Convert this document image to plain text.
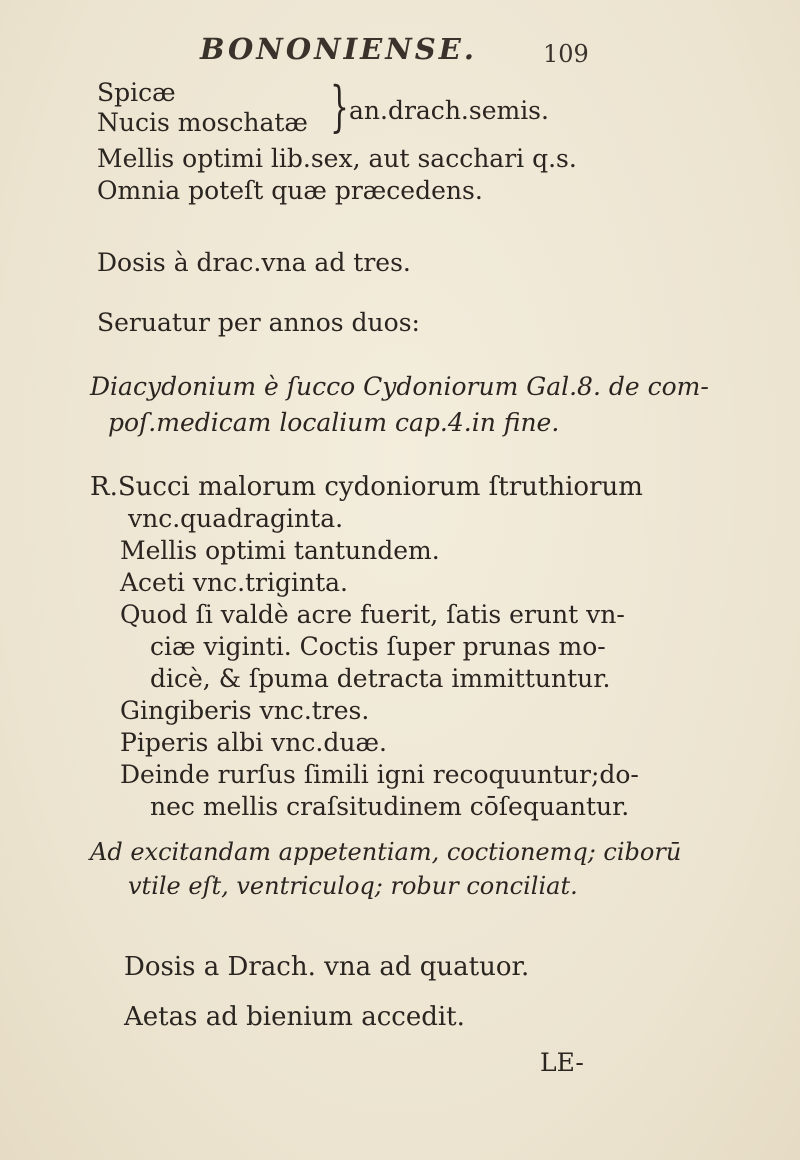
BONONIENSE.	109
Spicæ
Nucis moschatæ } an.drach.semis.
Mellis optimi lib.sex, aut sacchari q.s.
Omnia poteſt quæ præcedens.
Dosis à drac.vna ad tres.
Seruatur per annos duos:
Diacydonium è ſucco Cydoniorum Gal.8. de com-
poſ.medicam localium cap.4.in fine.
R.Succi malorum cydoniorum ſtruthiorum
vnc.quadraginta.
Mellis optimi tantundem.
Aceti vnc.triginta.
Quod ſi valdè acre fuerit, ſatis erunt vn-
ciæ viginti. Coctis ſuper prunas mo-
dicè, & ſpuma detracta immittuntur.
Gingiberis vnc.tres.
Piperis albi vnc.duæ.
Deinde rurſus ſimili igni recoquuntur;do-
nec mellis craſsitudinem cōſequantur.
Ad excitandam appetentiam, coctionemq; ciborū
vtile eſt, ventriculoq; robur conciliat.
Dosis a Drach. vna ad quatuor.
Aetas ad bienium accedit.
LE-
